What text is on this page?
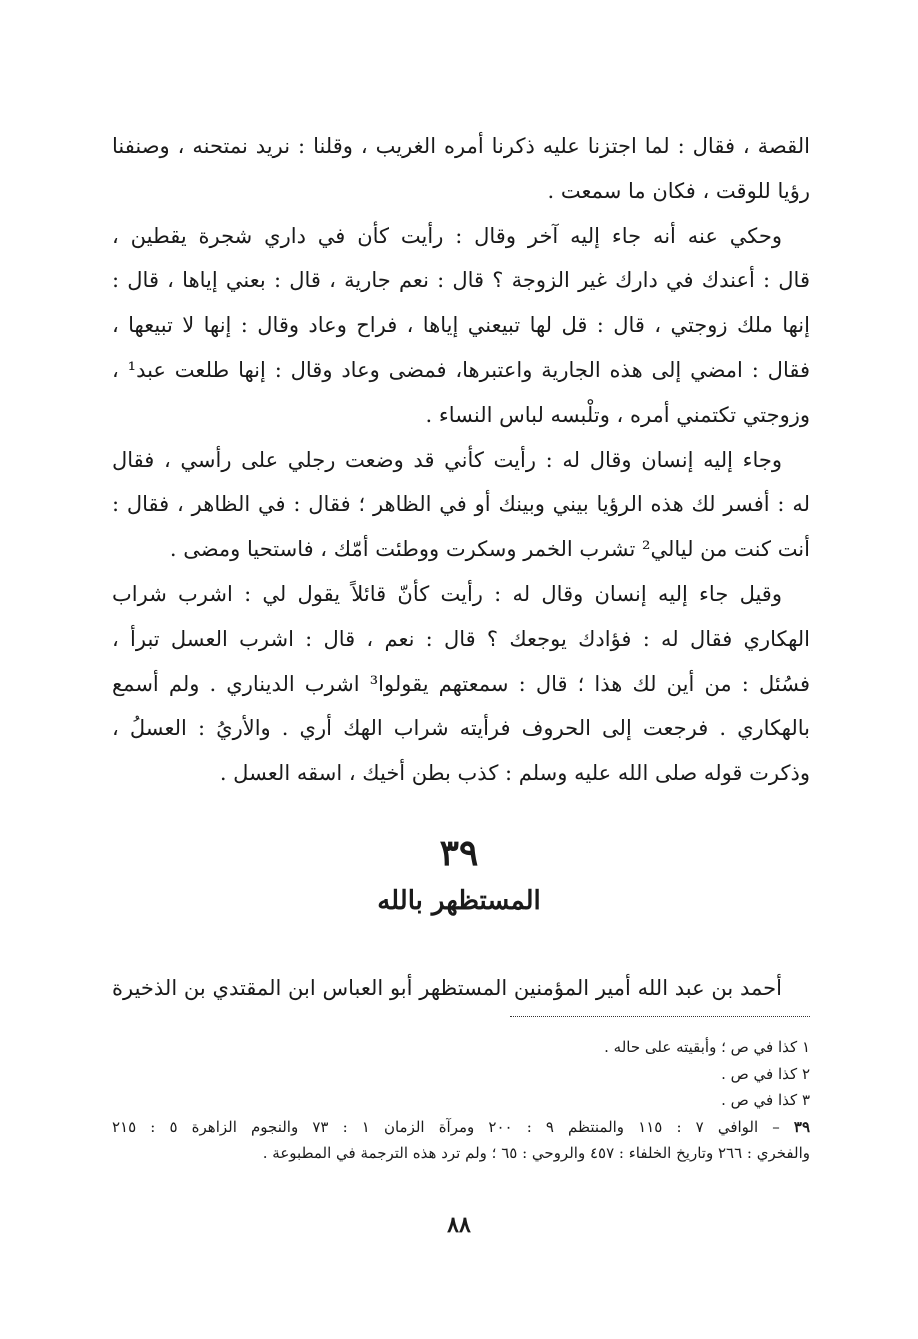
القصة ، فقال : لما اجتزنا عليه ذكرنا أمره الغريب ، وقلنا : نريد نمتحنه ، وصنفنا
رؤيا للوقت ، فكان ما سمعت .
وحكي عنه أنه جاء إليه آخر وقال : رأيت كأن في داري شجرة يقطين ،
قال : أعندك في دارك غير الزوجة ؟ قال : نعم جارية ، قال : بعني إياها ، قال :
إنها ملك زوجتي ، قال : قل لها تبيعني إياها ، فراح وعاد وقال : إنها لا تبيعها ،
فقال : امضي إلى هذه الجارية واعتبرها، فمضى وعاد وقال : إنها طلعت عبد¹ ،
وزوجتي تكتمني أمره ، وتلْبسه لباس النساء .
وجاء إليه إنسان وقال له : رأيت كأني قد وضعت رجلي على رأسي ، فقال
له : أفسر لك هذه الرؤيا بيني وبينك أو في الظاهر ؛ فقال : في الظاهر ، فقال :
أنت كنت من ليالي² تشرب الخمر وسكرت ووطئت أمّك ، فاستحيا ومضى .
وقيل جاء إليه إنسان وقال له : رأيت كأنّ قائلاً يقول لي : اشرب شراب
الهكاري فقال له : فؤادك يوجعك ؟ قال : نعم ، قال : اشرب العسل تبرأ ،
فسُئل : من أين لك هذا ؛ قال : سمعتهم يقولوا³ اشرب الديناري . ولم أسمع
بالهكاري . فرجعت إلى الحروف فرأيته شراب الهك أري . والأريُ : العسلُ ،
وذكرت قوله صلى الله عليه وسلم : كذب بطن أخيك ، اسقه العسل .
٣٩
المستظهر بالله
أحمد بن عبد الله أمير المؤمنين المستظهر أبو العباس ابن المقتدي بن الذخيرة
١ كذا في ص ؛ وأبقيته على حاله .
٢ كذا في ص .
٣ كذا في ص .
٣٩ – الوافي ٧ : ١١٥ والمنتظم ٩ : ٢٠٠ ومرآة الزمان ١ : ٧٣ والنجوم الزاهرة ٥ : ٢١٥
والفخري : ٢٦٦ وتاريخ الخلفاء : ٤٥٧ والروحي : ٦٥ ؛ ولم ترد هذه الترجمة في المطبوعة .
٨٨
